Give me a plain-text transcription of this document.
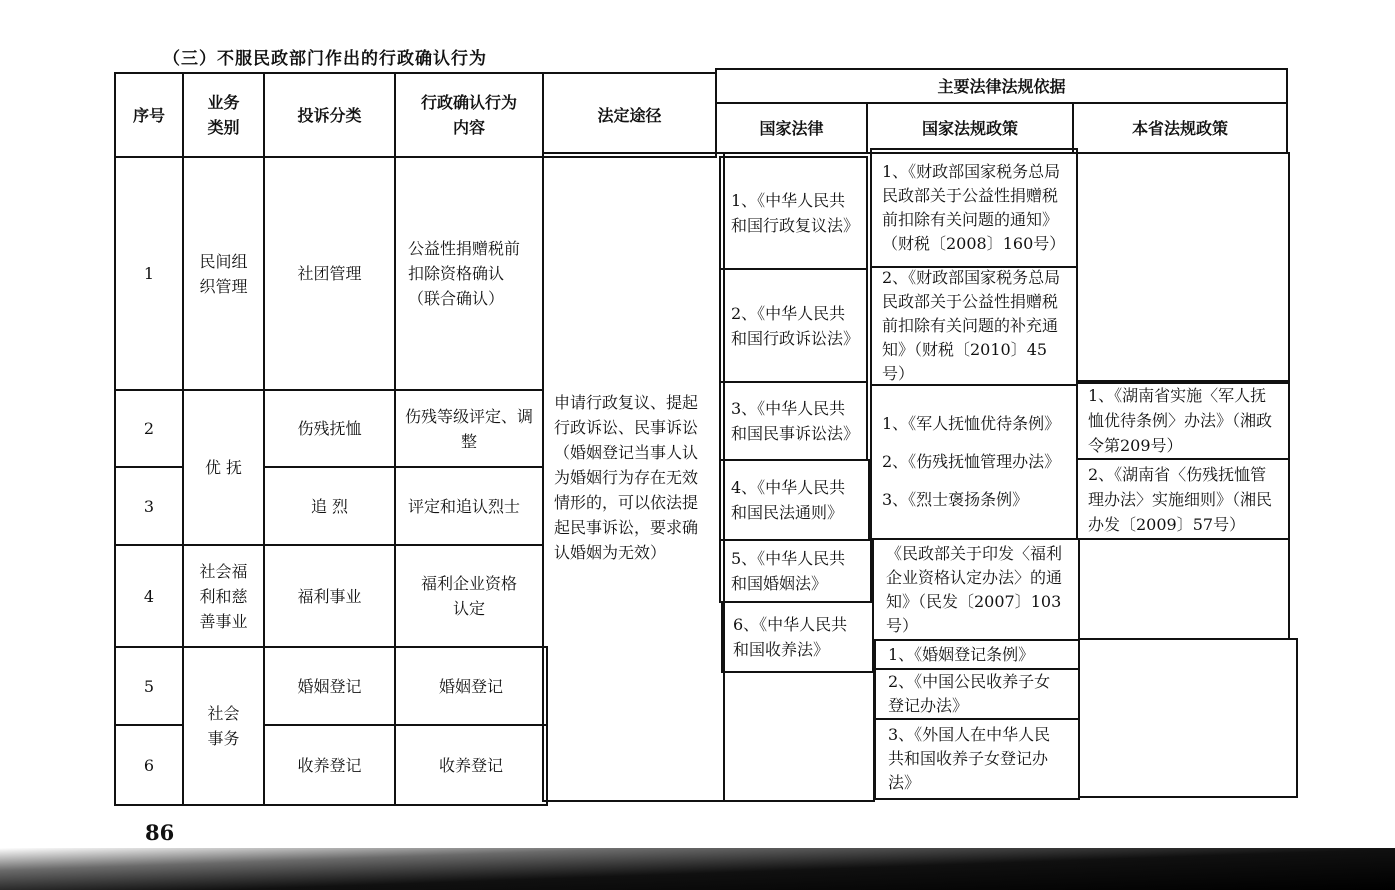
（三）不服民政部门作出的行政确认行为
序号
业务类别
投诉分类
行政确认行为内容
法定途径
主要法律法规依据
国家法律	国家法规政策	本省法规政策
1
2
3
4
5
6
民间组织管理
优 抚
社会福利和慈善事业
社会事务
社团管理
伤残抚恤
追 烈
福利事业
婚姻登记
收养登记
公益性捐赠税前扣除资格确认（联合确认）
伤残等级评定、调整
评定和追认烈士
福利企业资格认定
婚姻登记
收养登记
申请行政复议、提起行政诉讼、民事诉讼（婚姻登记当事人认为婚姻行为存在无效情形的，可以依法提起民事诉讼，要求确认婚姻为无效）
1、《中华人民共和国行政复议法》
2、《中华人民共和国行政诉讼法》
3、《中华人民共和国民事诉讼法》
4、《中华人民共和国民法通则》
5、《中华人民共和国婚姻法》
6、《中华人民共和国收养法》
1、《财政部国家税务总局 民政部关于公益性捐赠税前扣除有关问题的通知》（财税〔2008〕160号）
2、《财政部国家税务总局 民政部关于公益性捐赠税前扣除有关问题的补充通知》（财税〔2010〕45号）
1、《军人抚恤优待条例》 2、《伤残抚恤管理办法》 3、《烈士褒扬条例》
《民政部关于印发〈福利企业资格认定办法〉的通知》（民发〔2007〕103号）
1、《婚姻登记条例》
2、《中国公民收养子女登记办法》
3、《外国人在中华人民共和国收养子女登记办法》
1、《湖南省实施〈军人抚恤优待条例〉办法》（湘政令第209号）
2、《湖南省〈伤残抚恤管理办法〉实施细则》（湘民办发〔2009〕57号）
86
